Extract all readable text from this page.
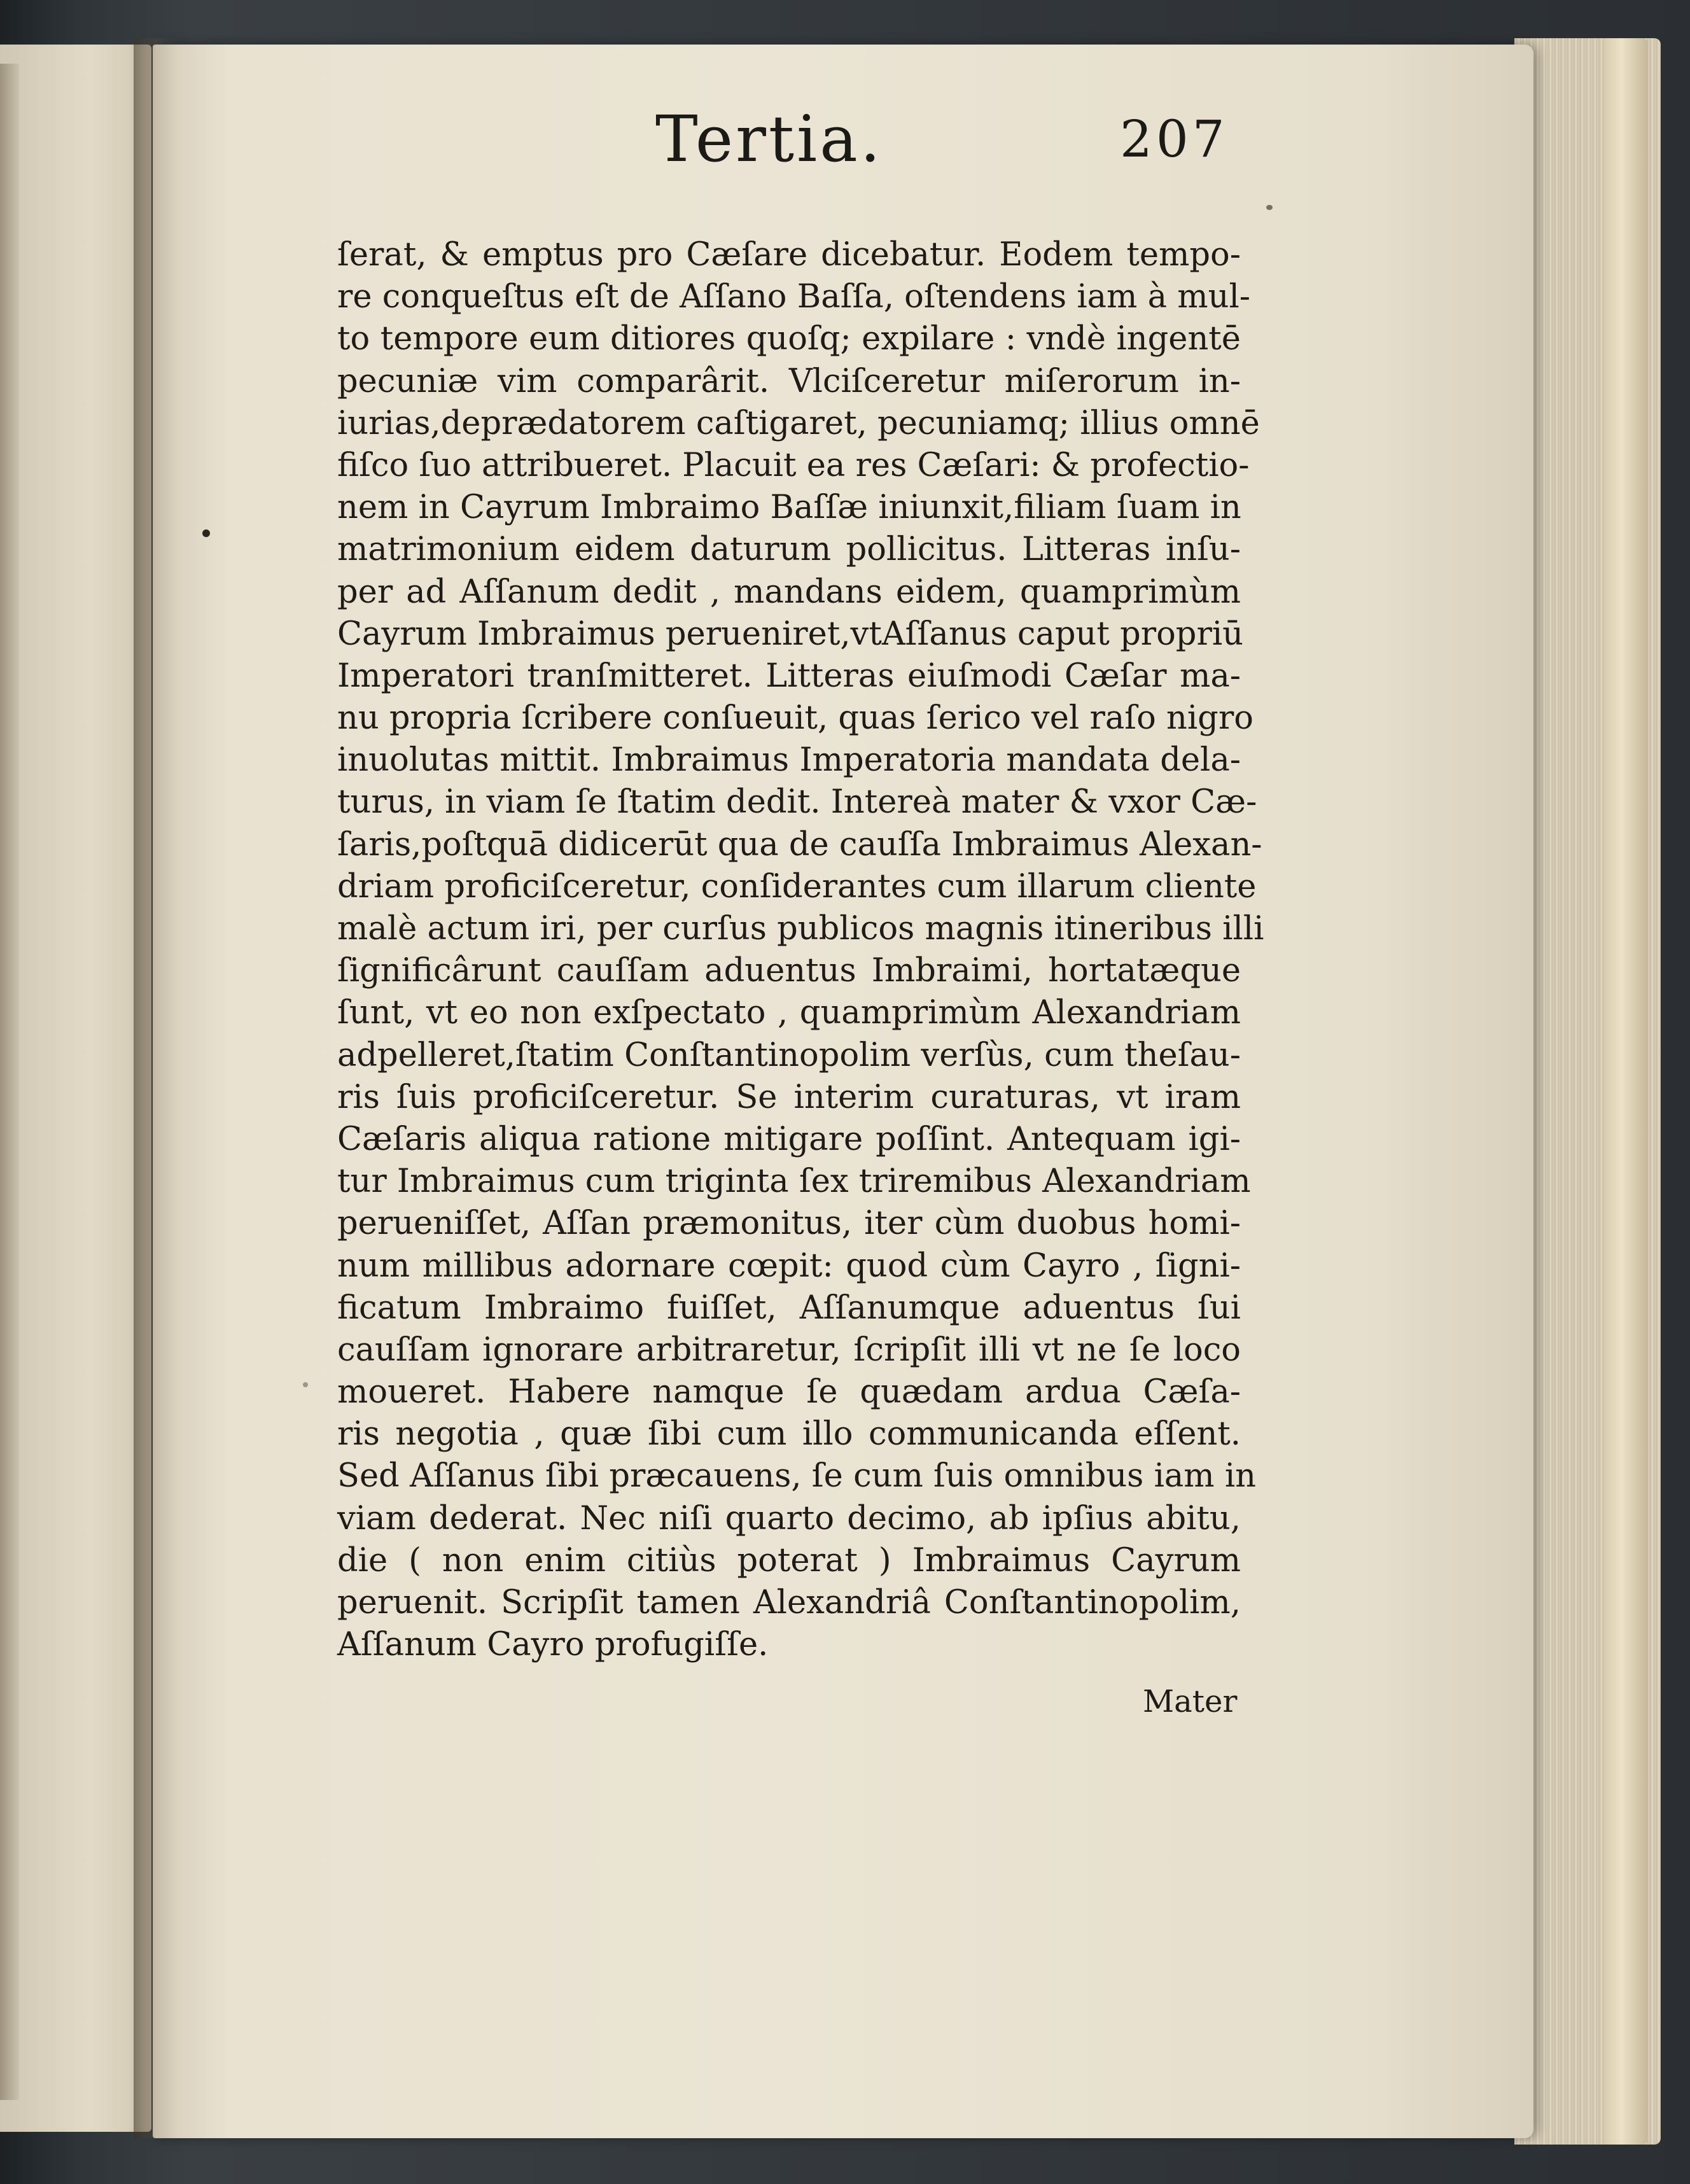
Tertia.	207
ſerat, & emptus pro Cæſare dicebatur. Eodem tempo-
re conqueſtus eſt de Aſſano Baſſa, oſtendens iam à mul-
to tempore eum ditiores quoſq; expilare : vndè ingentē
pecuniæ vim comparârit. Vlciſceretur miſerorum in-
iurias,deprædatorem caſtigaret, pecuniamq; illius omnē
fiſco ſuo attribueret. Placuit ea res Cæſari: & profectio-
nem in Cayrum Imbraimo Baſſæ iniunxit,filiam ſuam in
matrimonium eidem daturum pollicitus. Litteras inſu-
per ad Aſſanum dedit , mandans eidem, quamprimùm
Cayrum Imbraimus perueniret,vtAſſanus caput propriū
Imperatori tranſmitteret. Litteras eiuſmodi Cæſar ma-
nu propria ſcribere conſueuit, quas ſerico vel raſo nigro
inuolutas mittit. Imbraimus Imperatoria mandata dela-
turus, in viam ſe ſtatim dedit. Intereà mater & vxor Cæ-
ſaris,poſtquā didicerūt qua de cauſſa Imbraimus Alexan-
driam proficiſceretur, conſiderantes cum illarum cliente
malè actum iri, per curſus publicos magnis itineribus illi
ſignificârunt cauſſam aduentus Imbraimi, hortatæque
ſunt, vt eo non exſpectato , quamprimùm Alexandriam
adpelleret,ſtatim Conſtantinopolim verſùs, cum theſau-
ris ſuis proficiſceretur. Se interim curaturas, vt iram
Cæſaris aliqua ratione mitigare poſſint. Antequam igi-
tur Imbraimus cum triginta ſex triremibus Alexandriam
perueniſſet, Aſſan præmonitus, iter cùm duobus homi-
num millibus adornare cœpit: quod cùm Cayro , ſigni-
ficatum Imbraimo fuiſſet, Aſſanumque aduentus ſui
cauſſam ignorare arbitraretur, ſcripſit illi vt ne ſe loco
moueret. Habere namque ſe quædam ardua Cæſa-
ris negotia , quæ ſibi cum illo communicanda eſſent.
Sed Aſſanus ſibi præcauens, ſe cum ſuis omnibus iam in
viam dederat. Nec niſi quarto decimo, ab ipſius abitu,
die ( non enim citiùs poterat ) Imbraimus Cayrum
peruenit. Scripſit tamen Alexandriâ Conſtantinopolim,
Aſſanum Cayro profugiſſe.
Mater
